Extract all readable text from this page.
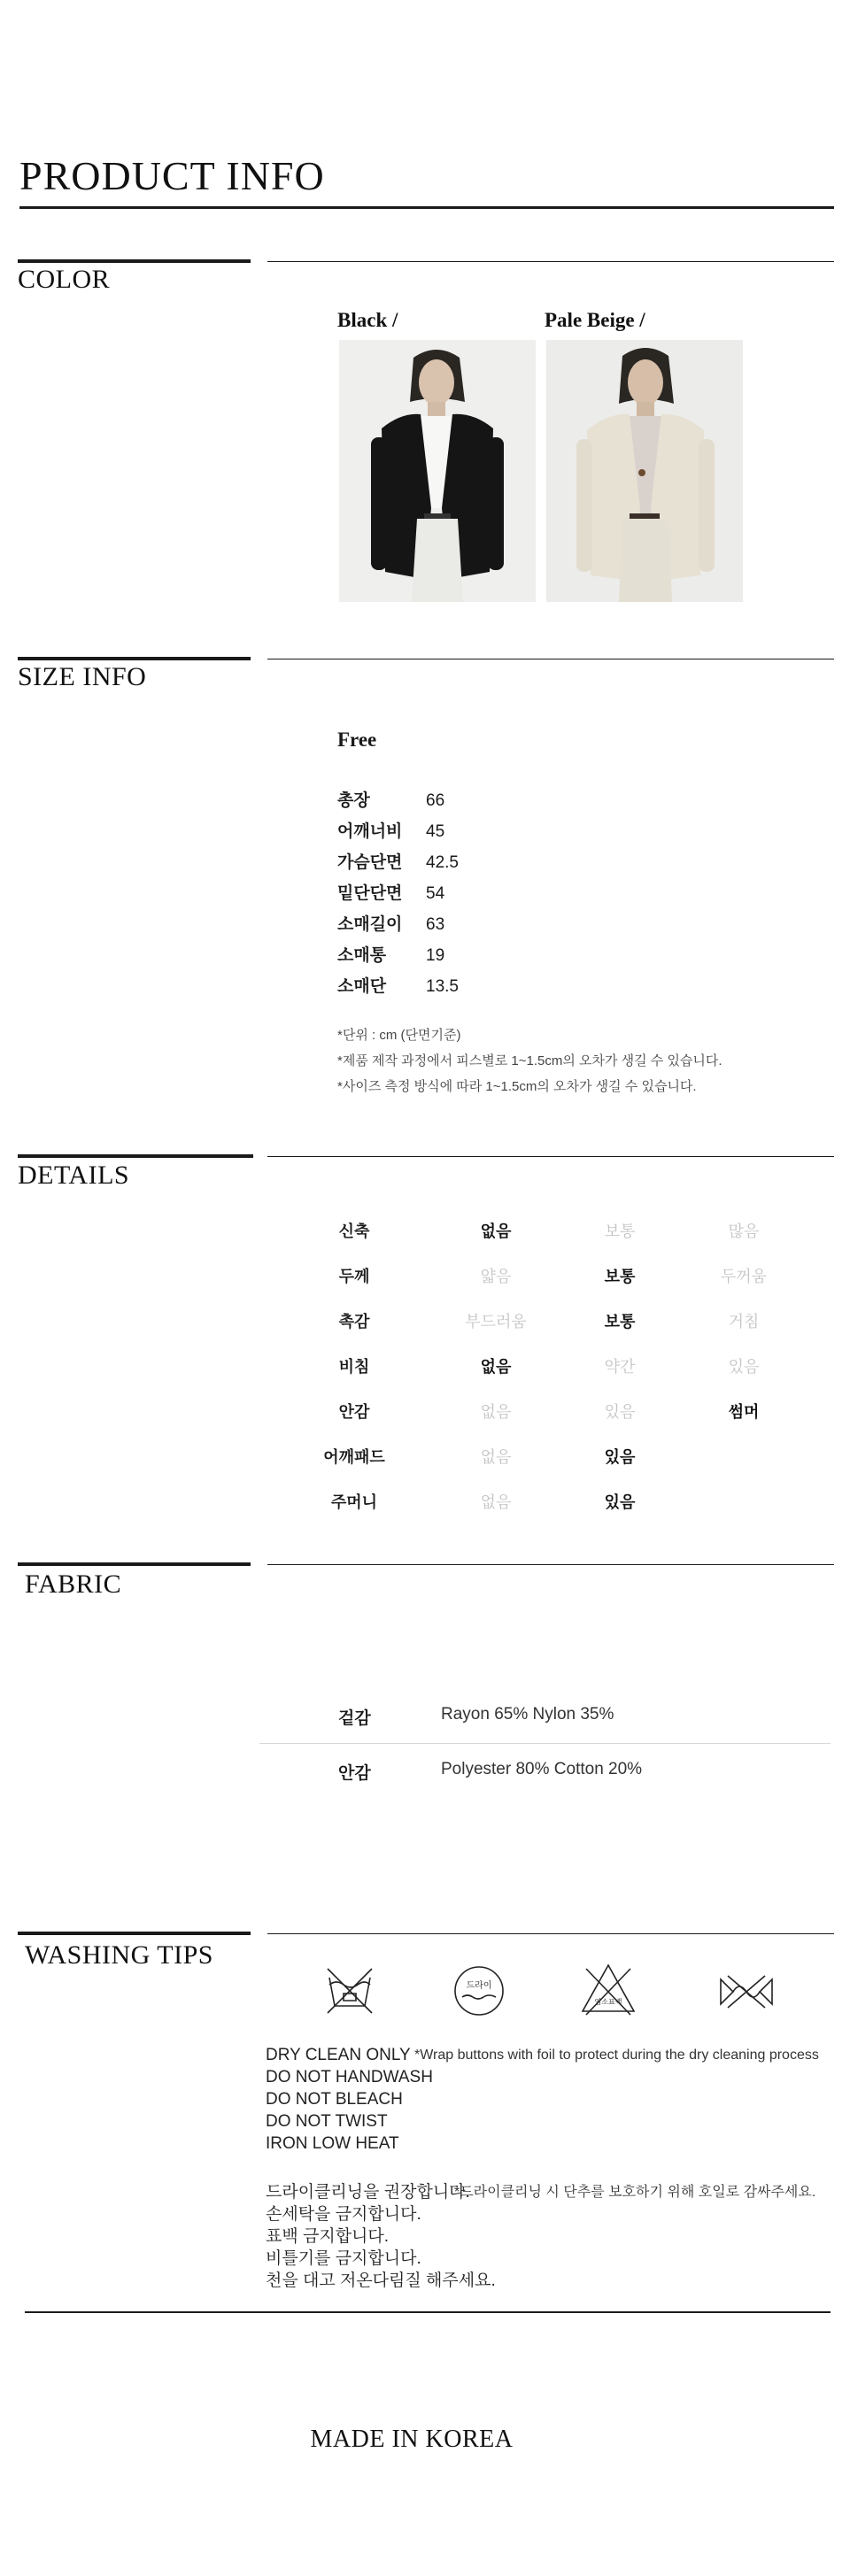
PRODUCT INFO
COLOR
Black /	Pale Beige /
SIZE INFO
Free
총장	66
어깨너비 45
가슴단면 42.5
밑단단면 54
소매길이 63
소매통 19
소매단 13.5
*단위 : cm (단면기준)
*제품 제작 과정에서 피스별로 1~1.5cm의 오차가 생길 수 있습니다.
*사이즈 측정 방식에 따라 1~1.5cm의 오차가 생길 수 있습니다.
DETAILS
신축	없음	보통	많음
두께	얇음	보통	두꺼움
촉감	부드러움	보통	거침
비침	없음	약간	있음
안감	없음	있음	썸머
어깨패드	없음	있음
주머니	없음	있음
FABRIC
겉감	Rayon 65% Nylon 35%
안감	Polyester 80% Cotton 20%
WASHING TIPS
드라이
염소표백
DRY CLEAN ONLY *Wrap buttons with foil to protect during the dry cleaning process
DO NOT HANDWASH
DO NOT BLEACH
DO NOT TWIST
IRON LOW HEAT
드라이클리닝을 권장합니다.
*드라이클리닝 시 단추를 보호하기 위해 호일로 감싸주세요.
손세탁을 금지합니다.
표백 금지합니다.
비틀기를 금지합니다.
천을 대고 저온다림질 해주세요.
MADE IN KOREA
